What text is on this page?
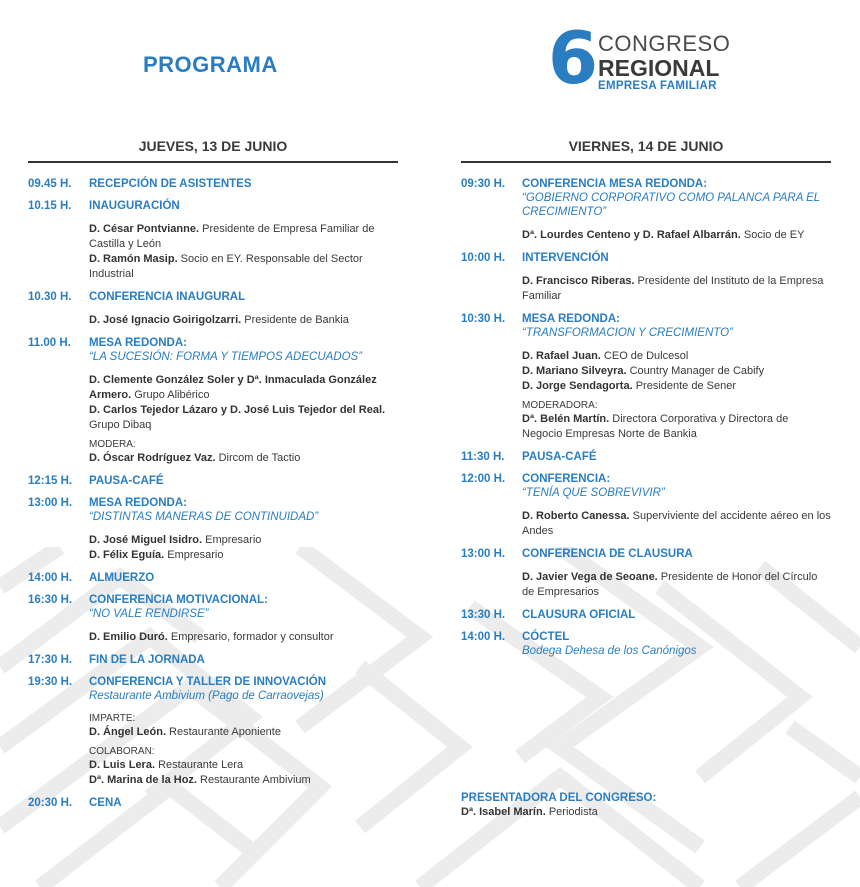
PROGRAMA	6 CONGRESO
REGIONAL
EMPRESA FAMILIAR
JUEVES, 13 DE JUNIO
09.45 H.	RECEPCIÓN DE ASISTENTES
10.15 H.	INAUGURACIÓN
D. César Pontvianne. Presidente de Empresa Familiar de Castilla y León
D. Ramón Masip. Socio en EY. Responsable del Sector Industrial
10.30 H.	CONFERENCIA INAUGURAL
D. José Ignacio Goirigolzarri. Presidente de Bankia
11.00 H.	MESA REDONDA:
“LA SUCESIÓN: FORMA Y TIEMPOS ADECUADOS”
D. Clemente González Soler y Dª. Inmaculada González Armero. Grupo Alibérico
D. Carlos Tejedor Lázaro y D. José Luis Tejedor del Real. Grupo Dibaq
MODERA:
D. Óscar Rodríguez Vaz. Dircom de Tactio
12:15 H.	PAUSA-CAFÉ
13:00 H.	MESA REDONDA:
“DISTINTAS MANERAS DE CONTINUIDAD”
D. José Miguel Isidro. Empresario
D. Félix Eguía. Empresario
14:00 H.	ALMUERZO
16:30 H.	CONFERENCIA MOTIVACIONAL:
“NO VALE RENDIRSE”
D. Emilio Duró. Empresario, formador y consultor
17:30 H.	FIN DE LA JORNADA
19:30 H.	CONFERENCIA Y TALLER DE INNOVACIÓN
Restaurante Ambivium (Pago de Carraovejas)
IMPARTE:
D. Ángel León. Restaurante Aponiente
COLABORAN:
D. Luis Lera. Restaurante Lera
Dª. Marina de la Hoz. Restaurante Ambivium
20:30 H.	CENA
VIERNES, 14 DE JUNIO
09:30 H.	CONFERENCIA MESA REDONDA:
“GOBIERNO CORPORATIVO COMO PALANCA PARA EL CRECIMIENTO”
Dª. Lourdes Centeno y D. Rafael Albarrán. Socio de EY
10:00 H.	INTERVENCIÓN
D. Francisco Riberas. Presidente del Instituto de la Empresa Familiar
10:30 H.	MESA REDONDA:
“TRANSFORMACION Y CRECIMIENTO”
D. Rafael Juan. CEO de Dulcesol
D. Mariano Silveyra. Country Manager de Cabify
D. Jorge Sendagorta. Presidente de Sener
MODERADORA:
Dª. Belén Martín. Directora Corporativa y Directora de Negocio Empresas Norte de Bankia
11:30 H.	PAUSA-CAFÉ
12:00 H.	CONFERENCIA:
“TENÍA QUE SOBREVIVIR”
D. Roberto Canessa. Superviviente del accidente aéreo en los Andes
13:00 H.	CONFERENCIA DE CLAUSURA
D. Javier Vega de Seoane. Presidente de Honor del Círculo de Empresarios
13:30 H.	CLAUSURA OFICIAL
14:00 H.	CÓCTEL
Bodega Dehesa de los Canónigos
PRESENTADORA DEL CONGRESO:
Dª. Isabel Marín. Periodista
